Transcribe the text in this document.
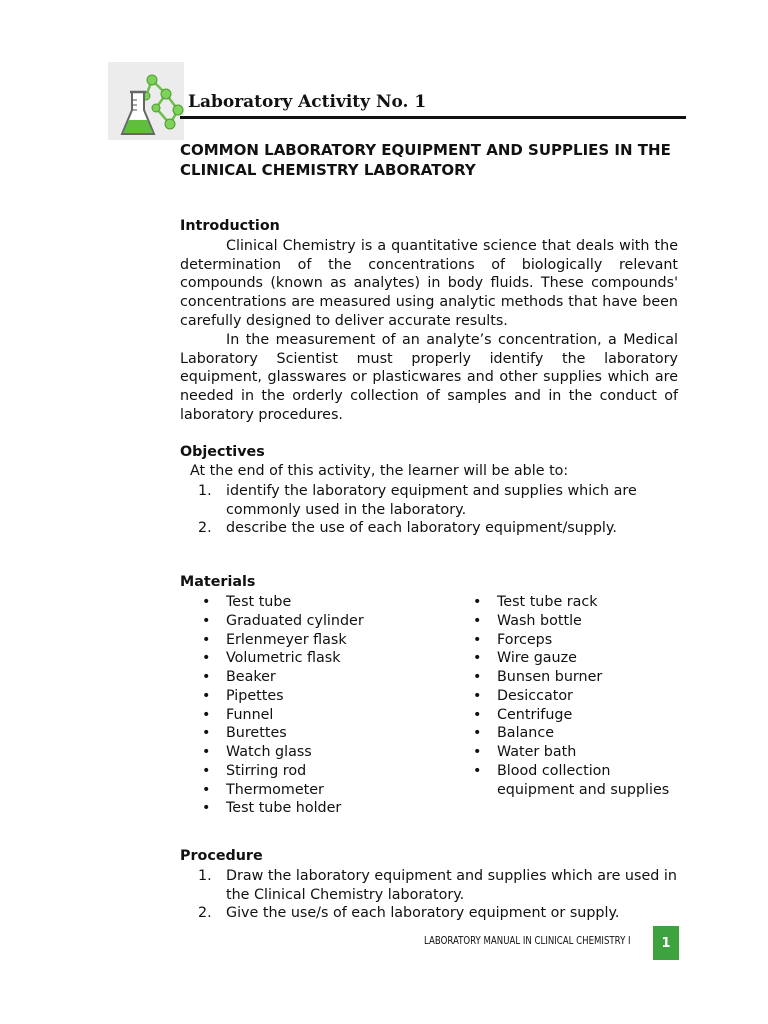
Laboratory Activity No. 1
COMMON LABORATORY EQUIPMENT AND SUPPLIES IN THE CLINICAL CHEMISTRY LABORATORY
Introduction
Clinical Chemistry is a quantitative science that deals with the determination of the concentrations of biologically relevant compounds (known as analytes) in body fluids. These compounds' concentrations are measured using analytic methods that have been carefully designed to deliver accurate results.
In the measurement of an analyte’s concentration, a Medical Laboratory Scientist must properly identify the laboratory equipment, glasswares or plasticwares and other supplies which are needed in the orderly collection of samples and in the conduct of laboratory procedures.
Objectives
At the end of this activity, the learner will be able to:
1.	identify the laboratory equipment and supplies which are commonly used in the laboratory.
2.	describe the use of each laboratory equipment/supply.
Materials
•	Test tube
•	Graduated cylinder
•	Erlenmeyer flask
•	Volumetric flask
•	Beaker
•	Pipettes
•	Funnel
•	Burettes
•	Watch glass
•	Stirring rod
•	Thermometer
•	Test tube holder
•	Test tube rack
•	Wash bottle
•	Forceps
•	Wire gauze
•	Bunsen burner
•	Desiccator
•	Centrifuge
•	Balance
•	Water bath
•	Blood collection equipment and supplies
Procedure
1.	Draw the laboratory equipment and supplies which are used in the Clinical Chemistry laboratory.
2.	Give the use/s of each laboratory equipment or supply.
LABORATORY MANUAL IN CLINICAL CHEMISTRY I	1
